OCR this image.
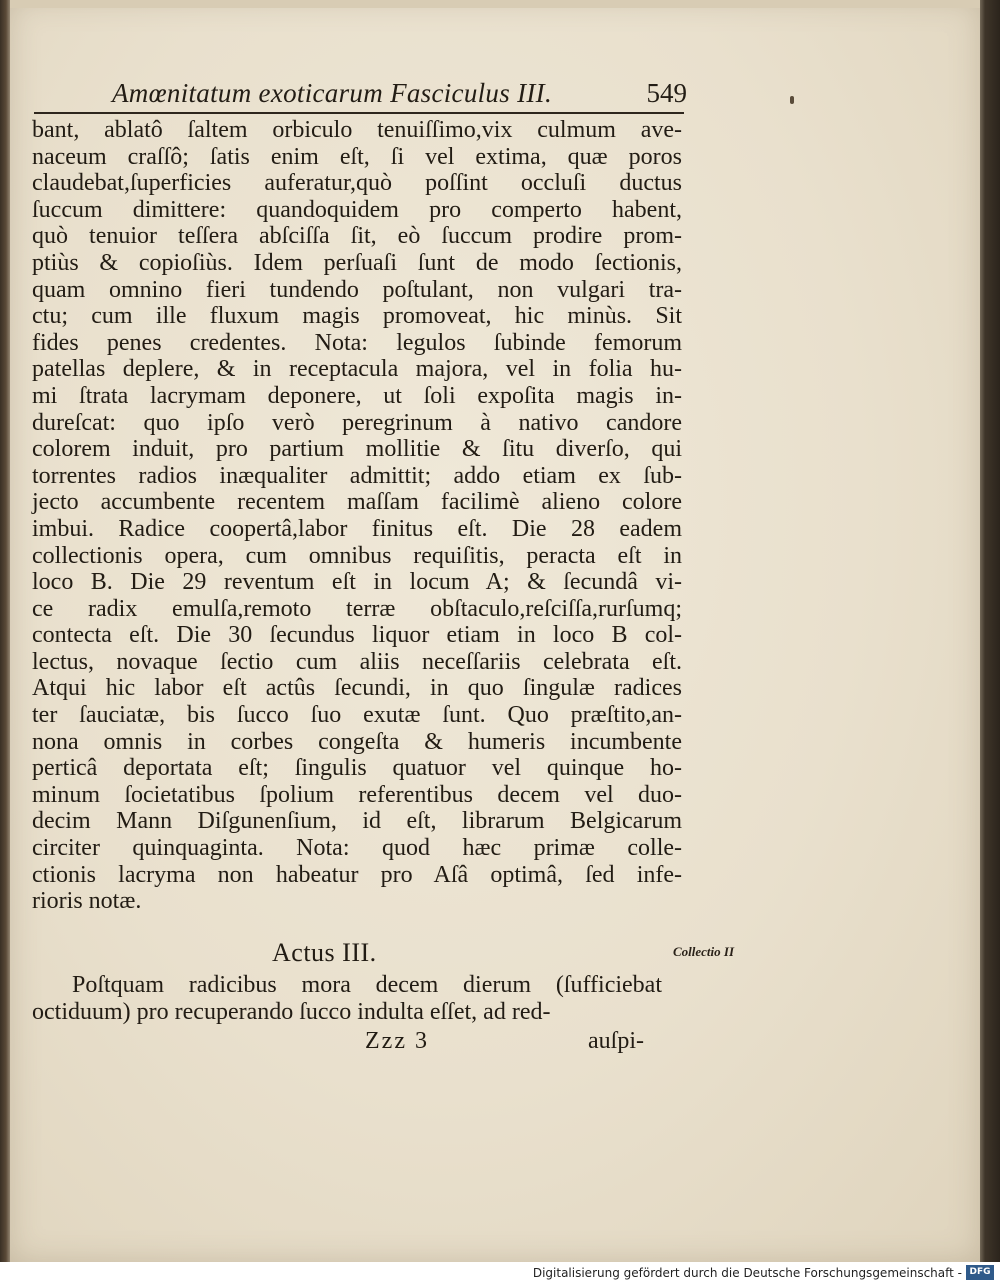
Amœnitatum exoticarum Fasciculus III.	549
bant, ablatô ſaltem orbiculo tenuiſſimo,vix culmum ave-
naceum craſſô; ſatis enim eſt, ſi vel extima, quæ poros
claudebat,ſuperficies auferatur,quò poſſint occluſi ductus
ſuccum dimittere: quandoquidem pro comperto habent,
quò tenuior teſſera abſciſſa ſit, eò ſuccum prodire prom-
ptiùs & copioſiùs. Idem perſuaſi ſunt de modo ſectionis,
quam omnino fieri tundendo poſtulant, non vulgari tra-
ctu; cum ille fluxum magis promoveat, hic minùs. Sit
fides penes credentes. Nota: legulos ſubinde femorum
patellas deplere, & in receptacula majora, vel in folia hu-
mi ſtrata lacrymam deponere, ut ſoli expoſita magis in-
dureſcat: quo ipſo verò peregrinum à nativo candore
colorem induit, pro partium mollitie & ſitu diverſo, qui
torrentes radios inæqualiter admittit; addo etiam ex ſub-
jecto accumbente recentem maſſam facilimè alieno colore
imbui. Radice coopertâ,labor finitus eſt. Die 28 eadem
collectionis opera, cum omnibus requiſitis, peracta eſt in
loco B. Die 29 reventum eſt in locum A; & ſecundâ vi-
ce radix emulſa,remoto terræ obſtaculo,reſciſſa,rurſumq;
contecta eſt. Die 30 ſecundus liquor etiam in loco B col-
lectus, novaque ſectio cum aliis neceſſariis celebrata eſt.
Atqui hic labor eſt actûs ſecundi, in quo ſingulæ radices
ter ſauciatæ, bis ſucco ſuo exutæ ſunt. Quo præſtito,an-
nona omnis in corbes congeſta & humeris incumbente
perticâ deportata eſt; ſingulis quatuor vel quinque ho-
minum ſocietatibus ſpolium referentibus decem vel duo-
decim Mann Diſgunenſium, id eſt, librarum Belgicarum
circiter quinquaginta. Nota: quod hæc primæ colle-
ctionis lacryma non habeatur pro Aſâ optimâ, ſed infe-
rioris notæ.
Actus III.	Collectio II
Poſtquam radicibus mora decem dierum (ſufficiebat
octiduum) pro recuperando ſucco indulta eſſet, ad red-
Zzz 3	auſpi-
Digitalisierung gefördert durch die Deutsche Forschungsgemeinschaft - DFG
